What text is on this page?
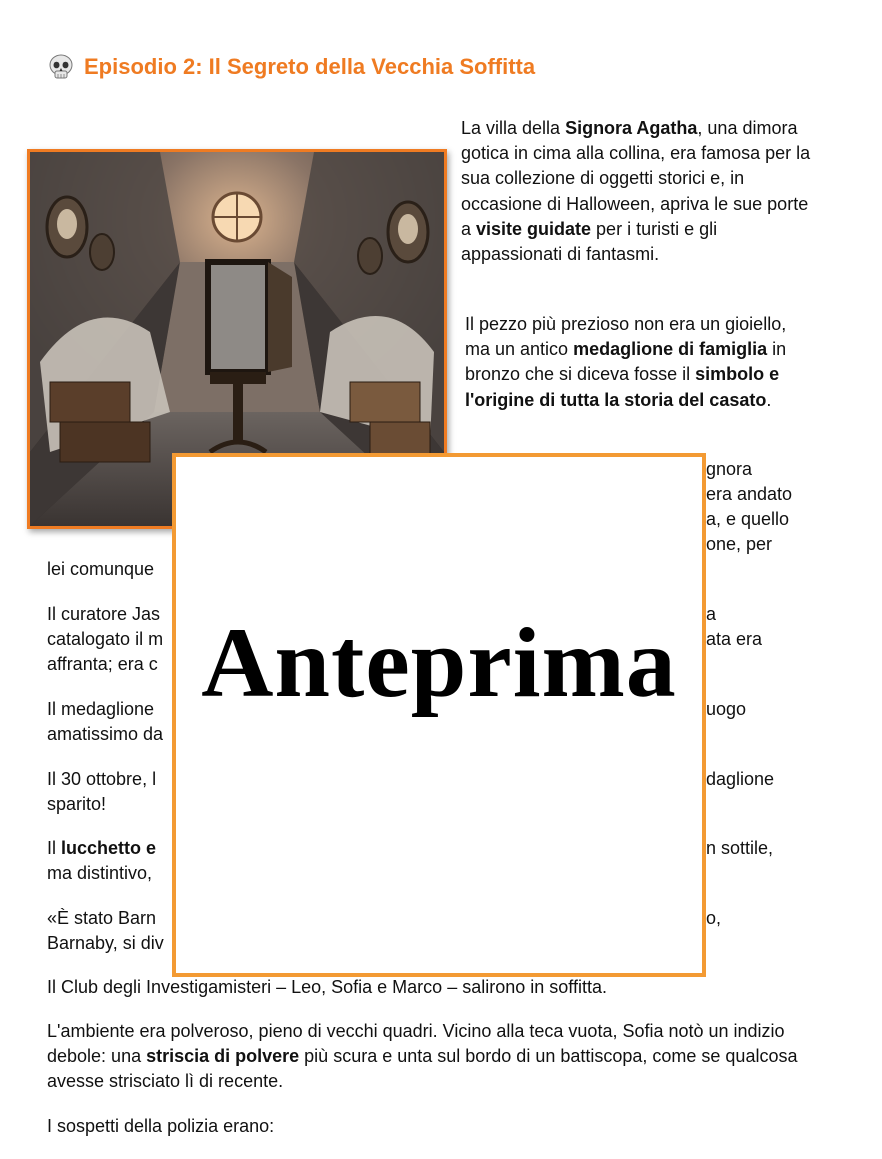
Episodio 2: Il Segreto della Vecchia Soffitta

La villa della Signora Agatha, una dimora gotica in cima alla collina, era famosa per la sua collezione di oggetti storici e, in occasione di Halloween, apriva le sue porte a visite guidate per i turisti e gli appassionati di fantasmi.

Il pezzo più prezioso non era un gioiello, ma un antico medaglione di famiglia in bronzo che si diceva fosse il simbolo e l'origine di tutta la storia del casato.

gnora

era andato

a, e quello

one, per

lei comunque

Il curatore Jas	a

catalogato il m	ata era

affranta; era c

Il medaglione	uogo

amatissimo da

Il 30 ottobre, l	daglione

sparito!

Il lucchetto e	n sottile,

ma distintivo,

«È stato Barn	o,

Barnaby, si div

Il Club degli Investigamisteri – Leo, Sofia e Marco – salirono in soffitta.

L'ambiente era polveroso, pieno di vecchi quadri. Vicino alla teca vuota, Sofia notò un indizio debole: una striscia di polvere più scura e unta sul bordo di un battiscopa, come se qualcosa avesse strisciato lì di recente.

I sospetti della polizia erano:

Anteprima
